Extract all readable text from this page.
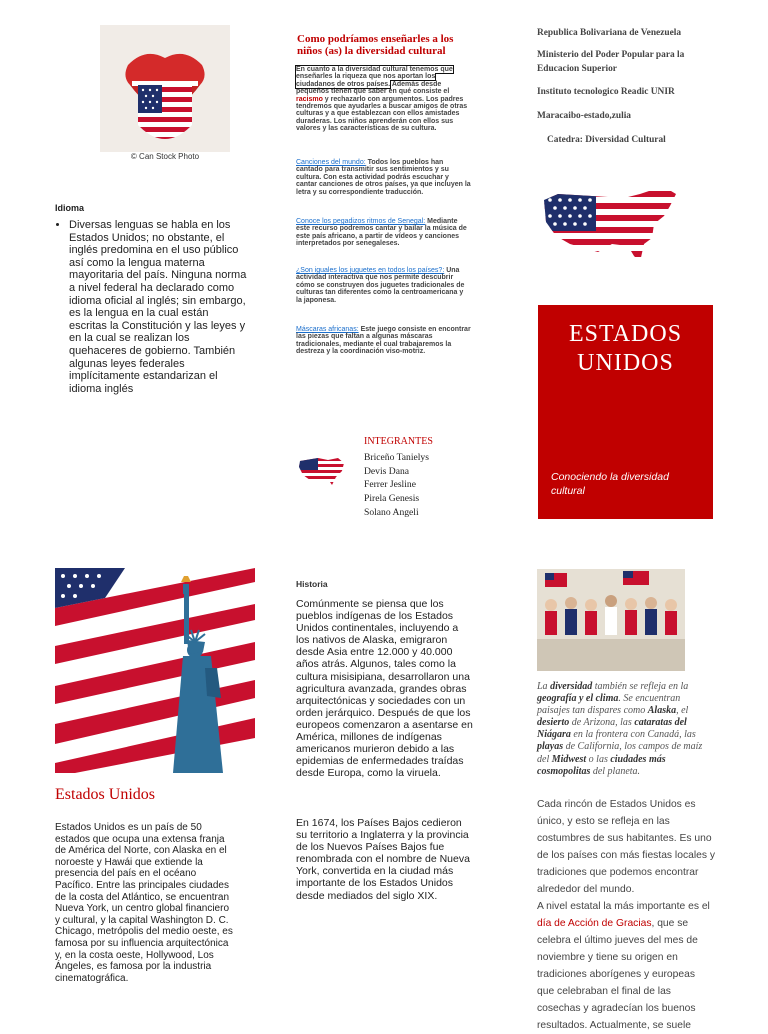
© Can Stock Photo
Idioma
• Diversas lenguas se habla en los Estados Unidos; no obstante, el inglés predomina en el uso público así como la lengua materna mayoritaria del país. Ninguna norma a nivel federal ha declarado como idioma oficial al inglés; sin embargo, es la lengua en la cual están escritas la Constitución y las leyes y en la cual se realizan los quehaceres de gobierno. También algunas leyes federales implícitamente estandarizan el idioma inglés
Como podríamos enseñarles a los niños (as) la diversidad cultural
En cuanto a la diversidad cultural tenemos que enseñarles la riqueza que nos aportan los ciudadanos de otros países. Además desde pequeños tienen que saber en qué consiste el racismo y rechazarlo con argumentos. Los padres tendremos que ayudarles a buscar amigos de otras culturas y a que establezcan con ellos amistades duraderas. Los niños aprenderán con ellos sus valores y las características de su cultura.
Canciones del mundo: Todos los pueblos han cantado para transmitir sus sentimientos y su cultura. Con esta actividad podrás escuchar y cantar canciones de otros países, ya que incluyen la letra y su correspondiente traducción.
Conoce los pegadizos ritmos de Senegal: Mediante este recurso podremos cantar y bailar la música de este país africano, a partir de vídeos y canciones interpretados por senegaleses.
¿Son iguales los juguetes en todos los países?: Una actividad interactiva que nos permite descubrir cómo se construyen dos juguetes tradicionales de culturas tan diferentes como la centroamericana y la japonesa.
Máscaras africanas: Este juego consiste en encontrar las piezas que faltan a algunas máscaras tradicionales, mediante el cual trabajaremos la destreza y la coordinación viso-motriz.
INTEGRANTES
Briceño Tanielys
Devis Dana
Ferrer Jesline
Pirela Genesis
Solano Angeli
Republica Bolivariana de Venezuela
Ministerio del Poder Popular para la Educacion Superior
Instituto tecnologico Readic UNIR
Maracaibo-estado,zulia
Catedra: Diversidad Cultural
ESTADOS UNIDOS
Conociendo la diversidad cultural
Estados Unidos
Estados Unidos es un país de 50 estados que ocupa una extensa franja de América del Norte, con Alaska en el noroeste y Hawái que extiende la presencia del país en el océano Pacífico. Entre las principales ciudades de la costa del Atlántico, se encuentran Nueva York, un centro global financiero y cultural, y la capital Washington D. C. Chicago, metrópolis del medio oeste, es famosa por su influencia arquitectónica y, en la costa oeste, Hollywood, Los Ángeles, es famosa por la industria cinematográfica.
Historia
Comúnmente se piensa que los pueblos indígenas de los Estados Unidos continentales, incluyendo a los nativos de Alaska, emigraron desde Asia entre 12.000 y 40.000 años atrás. Algunos, tales como la cultura misisipiana, desarrollaron una agricultura avanzada, grandes obras arquitectónicas y sociedades con un orden jerárquico. Después de que los europeos comenzaron a asentarse en América, millones de indígenas americanos murieron debido a las epidemias de enfermedades traídas desde Europa, como la viruela.
En 1674, los Países Bajos cedieron su territorio a Inglaterra y la provincia de los Nuevos Países Bajos fue renombrada con el nombre de Nueva York, convertida en la ciudad más importante de los Estados Unidos desde mediados del siglo XIX.
La diversidad también se refleja en la geografía y el clima. Se encuentran paisajes tan dispares como Alaska, el desierto de Arizona, las cataratas del Niágara en la frontera con Canadá, las playas de California, los campos de maíz del Midwest o las ciudades más cosmopolitas del planeta.
Cada rincón de Estados Unidos es único, y esto se refleja en las costumbres de sus habitantes. Es uno de los países con más fiestas locales y tradiciones que podemos encontrar alrededor del mundo.
A nivel estatal la más importante es el día de Acción de Gracias, que se celebra el último jueves del mes de noviembre y tiene su origen en tradiciones aborígenes y europeas que celebraban el final de las cosechas y agradecían los buenos resultados. Actualmente, se suele
